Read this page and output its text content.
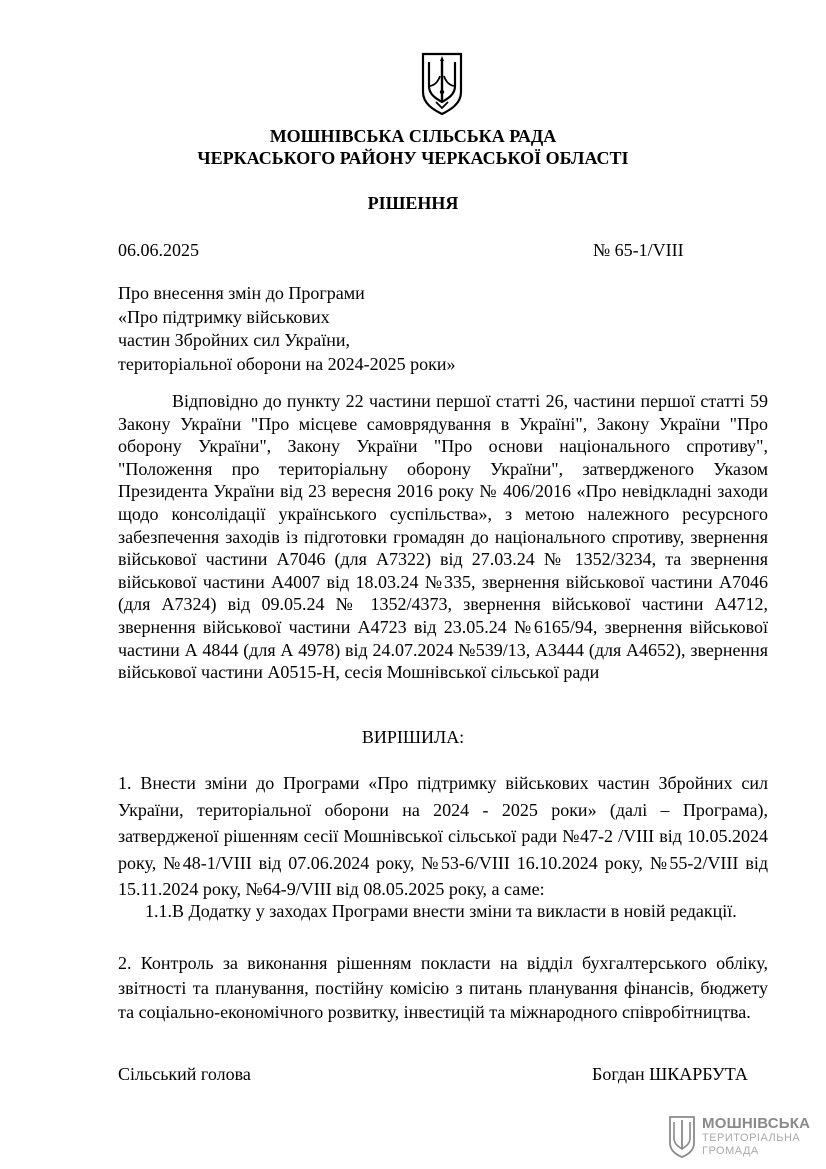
МОШНІВСЬКА СІЛЬСЬКА РАДА

ЧЕРКАСЬКОГО РАЙОНУ ЧЕРКАСЬКОЇ ОБЛАСТІ

РІШЕННЯ

06.06.2025	№ 65-1/VIII
Про внесення змін до Програми
«Про підтримку військових
частин Збройних сил України,
територіальної оборони на 2024-2025 роки»

Відповідно до пункту 22 частини першої статті 26, частини першої статті 59 Закону України "Про місцеве самоврядування в Україні", Закону України "Про оборону України", Закону України "Про основи національного спротиву", "Положення про територіальну оборону України", затвердженого Указом Президента України від 23 вересня 2016 року № 406/2016 «Про невідкладні заходи щодо консолідації українського суспільства», з метою належного ресурсного забезпечення заходів із підготовки громадян до національного спротиву, звернення військової частини А7046 (для А7322) від 27.03.24 № 1352/3234, та звернення військової частини А4007 від 18.03.24 №335, звернення військової частини А7046 (для А7324) від 09.05.24 № 1352/4373, звернення військової частини А4712, звернення військової частини А4723 від 23.05.24 №6165/94, звернення військової частини А 4844 (для А 4978) від 24.07.2024 №539/13, А3444 (для А4652), звернення військової частини А0515-Н, сесія Мошнівської сільської ради

ВИРІШИЛА:

1. Внести зміни до Програми «Про підтримку військових частин Збройних сил України, територіальної оборони на 2024 - 2025 роки» (далі – Програма), затвердженої рішенням сесії Мошнівської сільської ради №47-2 /VIII від 10.05.2024 року, №48-1/VIII від 07.06.2024 року, №53-6/VIII 16.10.2024 року, №55-2/VIII від 15.11.2024 року, №64-9/VIII від 08.05.2025 року, а саме:

1.1.В Додатку у заходах Програми внести зміни та викласти в новій редакції.

2. Контроль за виконання рішенням покласти на відділ бухгалтерського обліку, звітності та планування, постійну комісію з питань планування фінансів, бюджету та соціально-економічного розвитку, інвестицій та міжнародного співробітництва.

Сільський голова	Богдан ШКАРБУТА
МОШНІВСЬКА
ТЕРИТОРІАЛЬНА
ГРОМАДА
